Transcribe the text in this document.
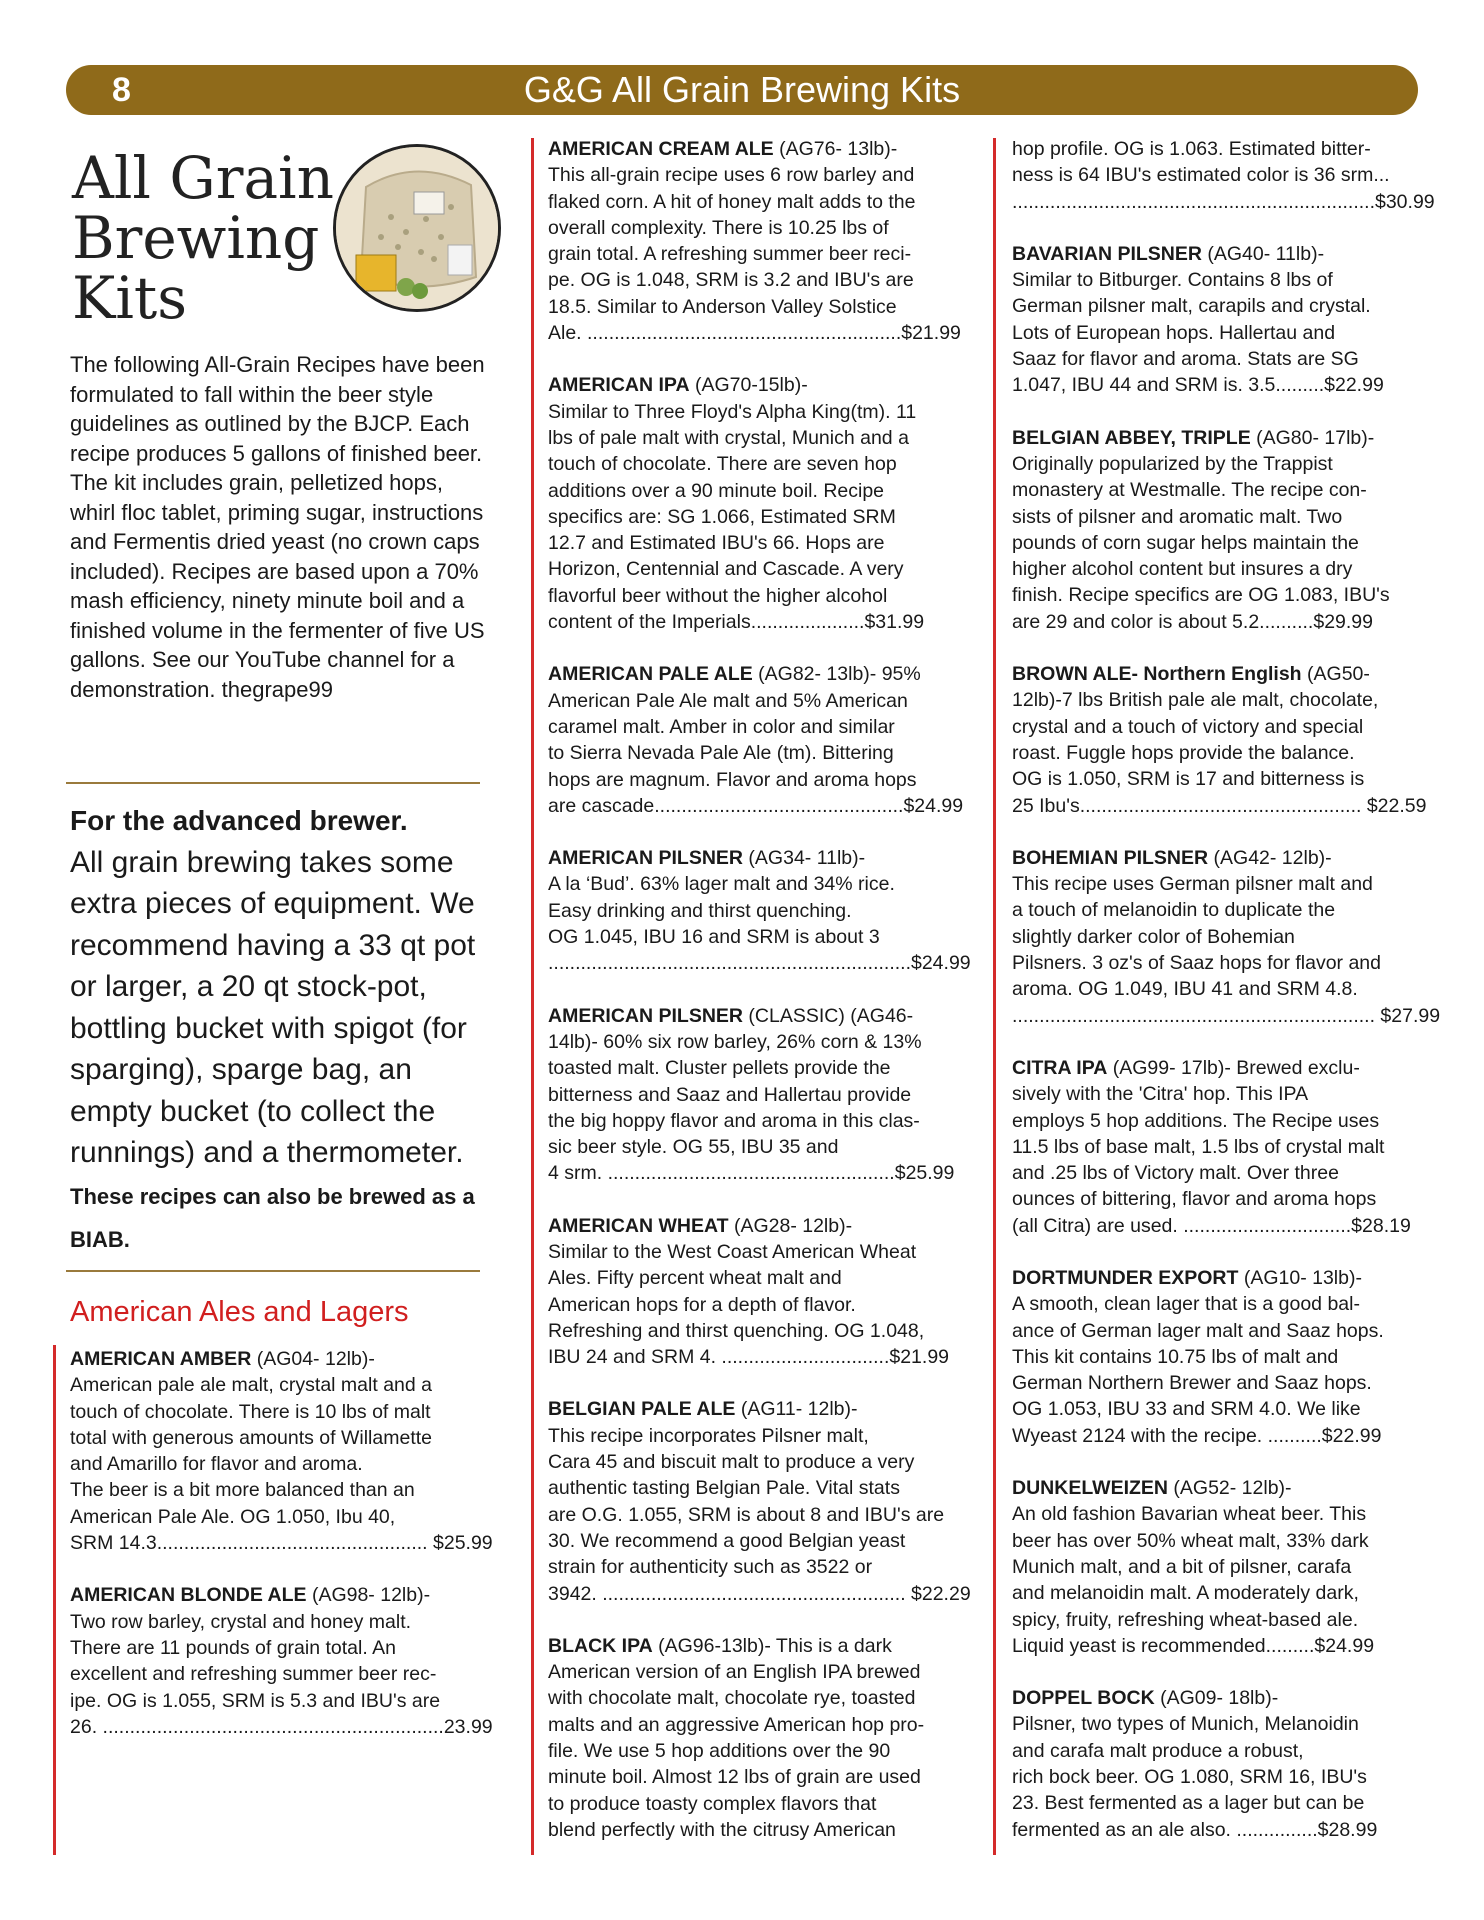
8	G&G All Grain Brewing Kits
All Grain
Brewing
Kits
The following All-Grain Recipes have been formulated to fall within the beer style guidelines as outlined by the BJCP. Each recipe produces 5 gallons of finished beer. The kit includes grain, pelletized hops, whirl floc tablet, priming sugar, instructions and Fermentis dried yeast (no crown caps included). Recipes are based upon a 70% mash efficiency, ninety minute boil and a finished volume in the fermenter of five US gallons. See our YouTube channel for a demonstration. thegrape99
For the advanced brewer.
All grain brewing takes some extra pieces of equipment. We recommend having a 33 qt pot or larger, a 20 qt stock-pot, bottling bucket with spigot (for sparging), sparge bag, an empty bucket (to collect the runnings) and a thermometer. These recipes can also be brewed as a BIAB.
American Ales and Lagers
AMERICAN AMBER (AG04- 12lb)-
American pale ale malt, crystal malt and a
touch of chocolate. There is 10 lbs of malt
total with generous amounts of Willamette
and Amarillo for flavor and aroma.
The beer is a bit more balanced than an
American Pale Ale. OG 1.050, Ibu 40,
SRM 14.3.................................................. $25.99
AMERICAN BLONDE ALE (AG98- 12lb)-
Two row barley, crystal and honey malt.
There are 11 pounds of grain total. An
excellent and refreshing summer beer rec-
ipe. OG is 1.055, SRM is 5.3 and IBU's are
26. ...............................................................23.99
AMERICAN CREAM ALE (AG76- 13lb)-
This all-grain recipe uses 6 row barley and
flaked corn. A hit of honey malt adds to the
overall complexity. There is 10.25 lbs of
grain total. A refreshing summer beer reci-
pe. OG is 1.048, SRM is 3.2 and IBU's are
18.5. Similar to Anderson Valley Solstice
Ale. ..........................................................$21.99
AMERICAN IPA (AG70-15lb)-
Similar to Three Floyd's Alpha King(tm). 11
lbs of pale malt with crystal, Munich and a
touch of chocolate. There are seven hop
additions over a 90 minute boil. Recipe
specifics are: SG 1.066, Estimated SRM
12.7 and Estimated IBU's 66. Hops are
Horizon, Centennial and Cascade. A very
flavorful beer without the higher alcohol
content of the Imperials.....................$31.99
AMERICAN PALE ALE (AG82- 13lb)- 95%
American Pale Ale malt and 5% American
caramel malt. Amber in color and similar
to Sierra Nevada Pale Ale (tm). Bittering
hops are magnum. Flavor and aroma hops
are cascade..............................................$24.99
AMERICAN PILSNER (AG34- 11lb)-
A la ‘Bud’. 63% lager malt and 34% rice.
Easy drinking and thirst quenching.
OG 1.045, IBU 16 and SRM is about 3
...................................................................$24.99
AMERICAN PILSNER (CLASSIC) (AG46-
14lb)- 60% six row barley, 26% corn & 13%
toasted malt. Cluster pellets provide the
bitterness and Saaz and Hallertau provide
the big hoppy flavor and aroma in this clas-
sic beer style. OG 55, IBU 35 and
4 srm. .....................................................$25.99
AMERICAN WHEAT (AG28- 12lb)-
Similar to the West Coast American Wheat
Ales. Fifty percent wheat malt and
American hops for a depth of flavor.
Refreshing and thirst quenching. OG 1.048,
IBU 24 and SRM 4. ...............................$21.99
BELGIAN PALE ALE (AG11- 12lb)-
This recipe incorporates Pilsner malt,
Cara 45 and biscuit malt to produce a very
authentic tasting Belgian Pale. Vital stats
are O.G. 1.055, SRM is about 8 and IBU's are
30. We recommend a good Belgian yeast
strain for authenticity such as 3522 or
3942. ........................................................ $22.29
BLACK IPA (AG96-13lb)- This is a dark
American version of an English IPA brewed
with chocolate malt, chocolate rye, toasted
malts and an aggressive American hop pro-
file. We use 5 hop additions over the 90
minute boil. Almost 12 lbs of grain are used
to produce toasty complex flavors that
blend perfectly with the citrusy American
hop profile. OG is 1.063. Estimated bitter-
ness is 64 IBU's estimated color is 36 srm...
...................................................................$30.99
BAVARIAN PILSNER (AG40- 11lb)-
Similar to Bitburger. Contains 8 lbs of
German pilsner malt, carapils and crystal.
Lots of European hops. Hallertau and
Saaz for flavor and aroma. Stats are SG
1.047, IBU 44 and SRM is. 3.5.........$22.99
BELGIAN ABBEY, TRIPLE (AG80- 17lb)-
Originally popularized by the Trappist
monastery at Westmalle. The recipe con-
sists of pilsner and aromatic malt. Two
pounds of corn sugar helps maintain the
higher alcohol content but insures a dry
finish. Recipe specifics are OG 1.083, IBU's
are 29 and color is about 5.2..........$29.99
BROWN ALE- Northern English (AG50-
12lb)-7 lbs British pale ale malt, chocolate,
crystal and a touch of victory and special
roast. Fuggle hops provide the balance.
OG is 1.050, SRM is 17 and bitterness is
25 Ibu's.................................................... $22.59
BOHEMIAN PILSNER (AG42- 12lb)-
This recipe uses German pilsner malt and
a touch of melanoidin to duplicate the
slightly darker color of Bohemian
Pilsners. 3 oz's of Saaz hops for flavor and
aroma. OG 1.049, IBU 41 and SRM 4.8.
................................................................... $27.99
CITRA IPA (AG99- 17lb)- Brewed exclu-
sively with the 'Citra' hop. This IPA
employs 5 hop additions. The Recipe uses
11.5 lbs of base malt, 1.5 lbs of crystal malt
and .25 lbs of Victory malt. Over three
ounces of bittering, flavor and aroma hops
(all Citra) are used. ...............................$28.19
DORTMUNDER EXPORT (AG10- 13lb)-
A smooth, clean lager that is a good bal-
ance of German lager malt and Saaz hops.
This kit contains 10.75 lbs of malt and
German Northern Brewer and Saaz hops.
OG 1.053, IBU 33 and SRM 4.0. We like
Wyeast 2124 with the recipe. ..........$22.99
DUNKELWEIZEN (AG52- 12lb)-
An old fashion Bavarian wheat beer. This
beer has over 50% wheat malt, 33% dark
Munich malt, and a bit of pilsner, carafa
and melanoidin malt. A moderately dark,
spicy, fruity, refreshing wheat-based ale.
Liquid yeast is recommended.........$24.99
DOPPEL BOCK (AG09- 18lb)-
Pilsner, two types of Munich, Melanoidin
and carafa malt produce a robust,
rich bock beer. OG 1.080, SRM 16, IBU's
23. Best fermented as a lager but can be
fermented as an ale also. ...............$28.99
